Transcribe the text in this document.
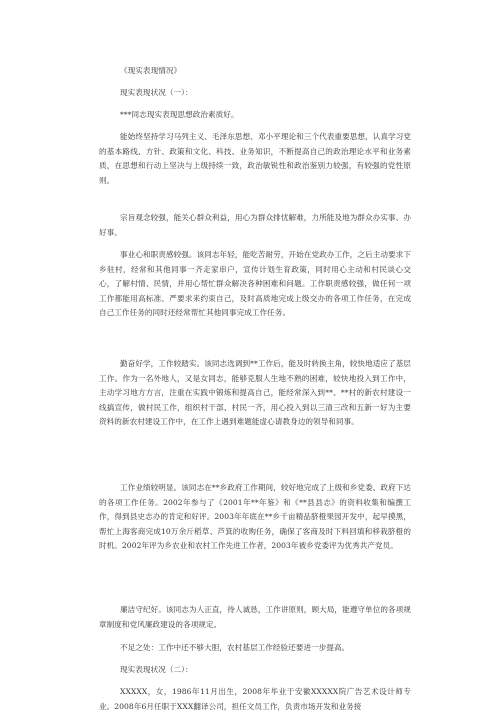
《现实表现情况》

现实表现状况（一）：

***同志现实表现思想政治素质好。

能始终坚持学习马列主义、毛泽东思想、邓小平理论和三个代表重要思想，认真学习党的基本路线、方针、政策和文化、科技、业务知识，不断提高自己的政治理论水平和业务素质，在思想和行动上坚决与上级持续一致，政治敏锐性和政治鉴别力较强，有较强的党性原则。

宗旨观念较强，能关心群众利益，用心为群众排忧解难，力所能及地为群众办实事、办好事。

事业心和职责感较强。该同志年轻，能吃苦耐劳，开始在党政办工作，之后主动要求下乡驻村，经常和其他同事一齐走家串户，宣传计划生育政策，同时用心主动和村民谈心交心，了解村情、民情，并用心帮忙群众解决各种困难和问题。工作职责感较强，做任何一项工作都能用高标准、严要求来约束自己，及时高质地完成上级交办的各项工作任务，在完成自己工作任务的同时还经常帮忙其他同事完成工作任务。

勤奋好学，工作较踏实。该同志选调到**工作后，能及时转换主角，较快地适应了基层工作。作为一名外地人，又是女同志，能够克服人生地不熟的困难，较快地投入到工作中，主动学习地方方言，注重在实践中锻炼和提高自己，能经常深入到**、**村的新农村建设一线搞宣传，做村民工作，组织村干部、村民一齐，用心投入到以三清三改和五新一好为主要资料的新农村建设工作中，在工作上遇到难题能虚心请教身边的领导和同事。

工作业绩较明显。该同志在**乡政府工作期间，较好地完成了上级和乡党委、政府下达的各项工作任务。2002年参与了《2001年**年鉴》和《**县县志》的资料收集和编撰工作，得到县史志办的肯定和好评。2003年年底在**乡千亩精品脐橙果园开发中，起早摸黑，帮忙上海客商完成10万余斤稻草、芦箕的收购任务，确保了客商及时下料回填和移栽脐橙的时机。2002年评为乡农业和农村工作先进工作者，2003年被乡党委评为优秀共产党员。

廉洁守纪好。该同志为人正直，待人诚恳，工作讲原则，顾大局，能遵守单位的各项规章制度和党风廉政建设的各项规定。

不足之处：工作中还不够大胆，农村基层工作经验还要进一步提高。

现实表现状况（二）：

XXXXX，女，1986年11月出生，2008年毕业于安徽XXXXX院广告艺术设计师专业。2008年6月任职于XXX翻译公司，担任文员工作，负责市场开发和业务接
